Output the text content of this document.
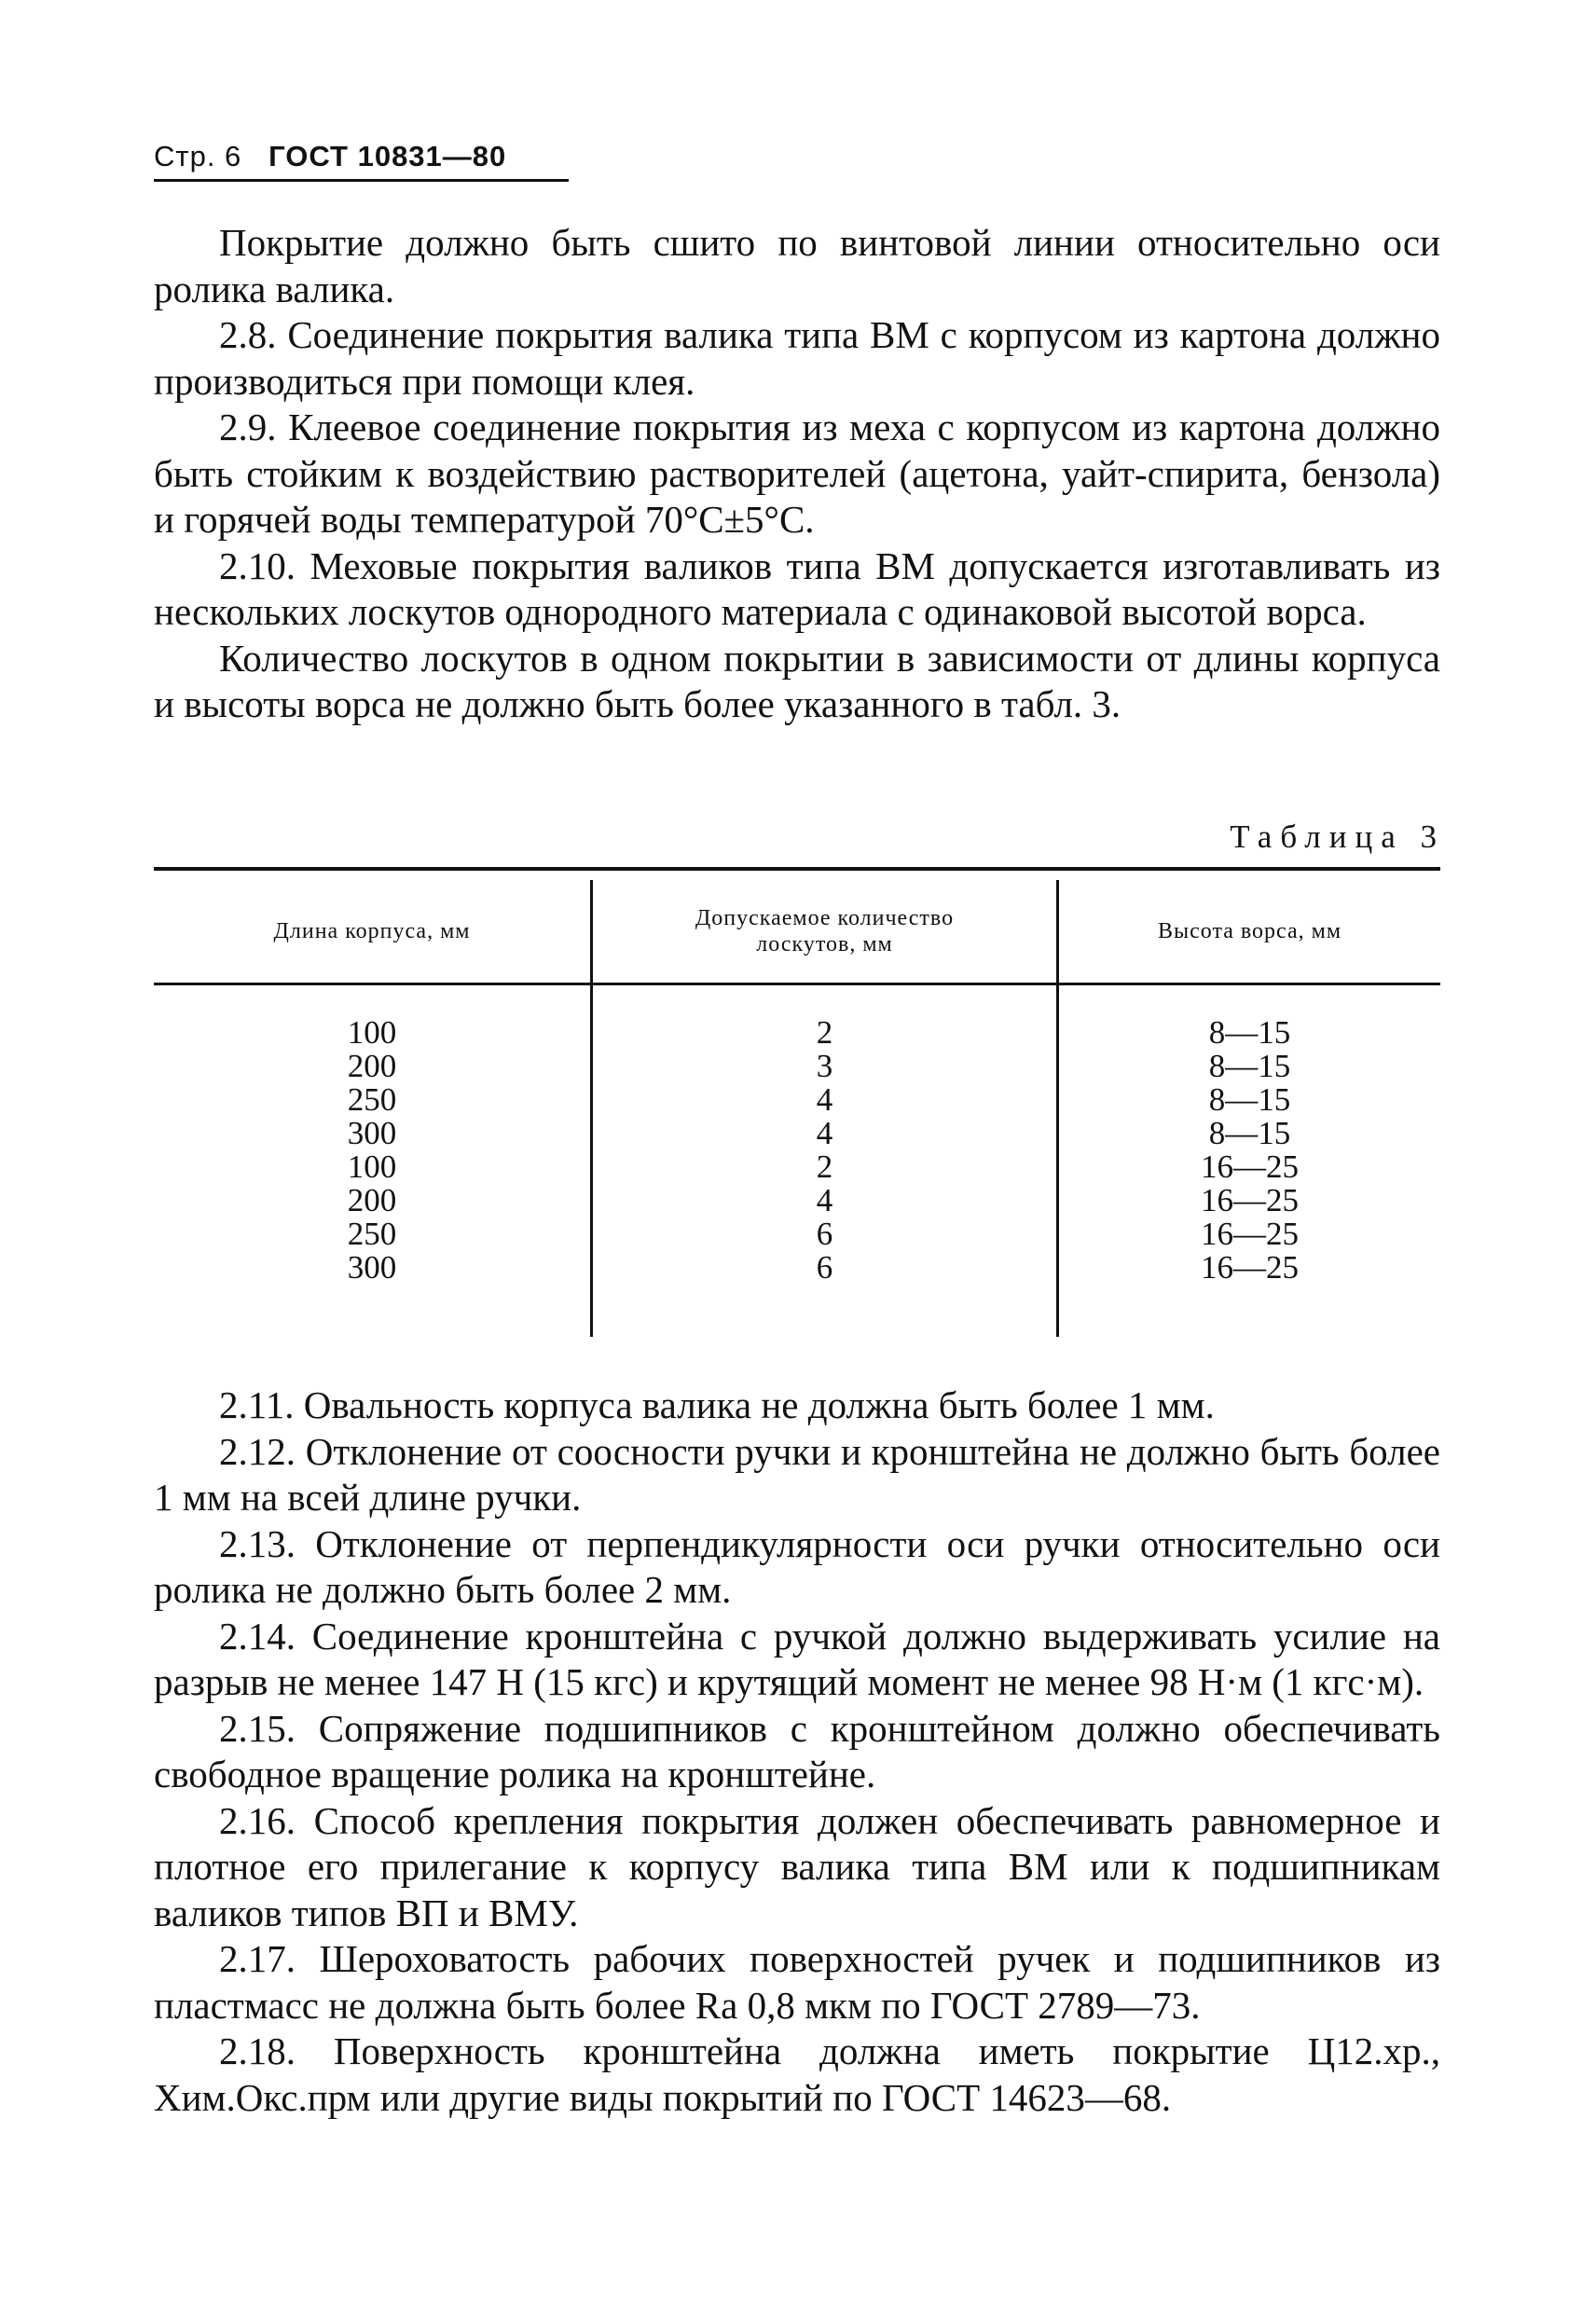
Стр. 6 ГОСТ 10831—80

Покрытие должно быть сшито по винтовой линии относительно оси ролика валика.

2.8. Соединение покрытия валика типа ВМ с корпусом из картона должно производиться при помощи клея.

2.9. Клеевое соединение покрытия из меха с корпусом из картона должно быть стойким к воздействию растворителей (ацетона, уайт-спирита, бензола) и горячей воды температурой 70°C±5°C.

2.10. Меховые покрытия валиков типа ВМ допускается изготавливать из нескольких лоскутов однородного материала с одинаковой высотой ворса.

Количество лоскутов в одном покрытии в зависимости от длины корпуса и высоты ворса не должно быть более указанного в табл. 3.

Таблица 3
Длина корпуса, мм
Допускаемое количество лоскутов, мм
Высота ворса, мм
100
200
250
300
100
200
250
300
2
3
4
4
2
4
6
6
8—15
8—15
8—15
8—15
16—25
16—25
16—25
16—25

2.11. Овальность корпуса валика не должна быть более 1 мм.

2.12. Отклонение от соосности ручки и кронштейна не должно быть более 1 мм на всей длине ручки.

2.13. Отклонение от перпендикулярности оси ручки относительно оси ролика не должно быть более 2 мм.

2.14. Соединение кронштейна с ручкой должно выдерживать усилие на разрыв не менее 147 Н (15 кгс) и крутящий момент не менее 98 Н·м (1 кгс·м).

2.15. Сопряжение подшипников с кронштейном должно обеспечивать свободное вращение ролика на кронштейне.

2.16. Способ крепления покрытия должен обеспечивать равномерное и плотное его прилегание к корпусу валика типа ВМ или к подшипникам валиков типов ВП и ВМУ.

2.17. Шероховатость рабочих поверхностей ручек и подшипников из пластмасс не должна быть более Ra 0,8 мкм по ГОСТ 2789—73.

2.18. Поверхность кронштейна должна иметь покрытие Ц12.хр., Хим.Окс.прм или другие виды покрытий по ГОСТ 14623—68.
